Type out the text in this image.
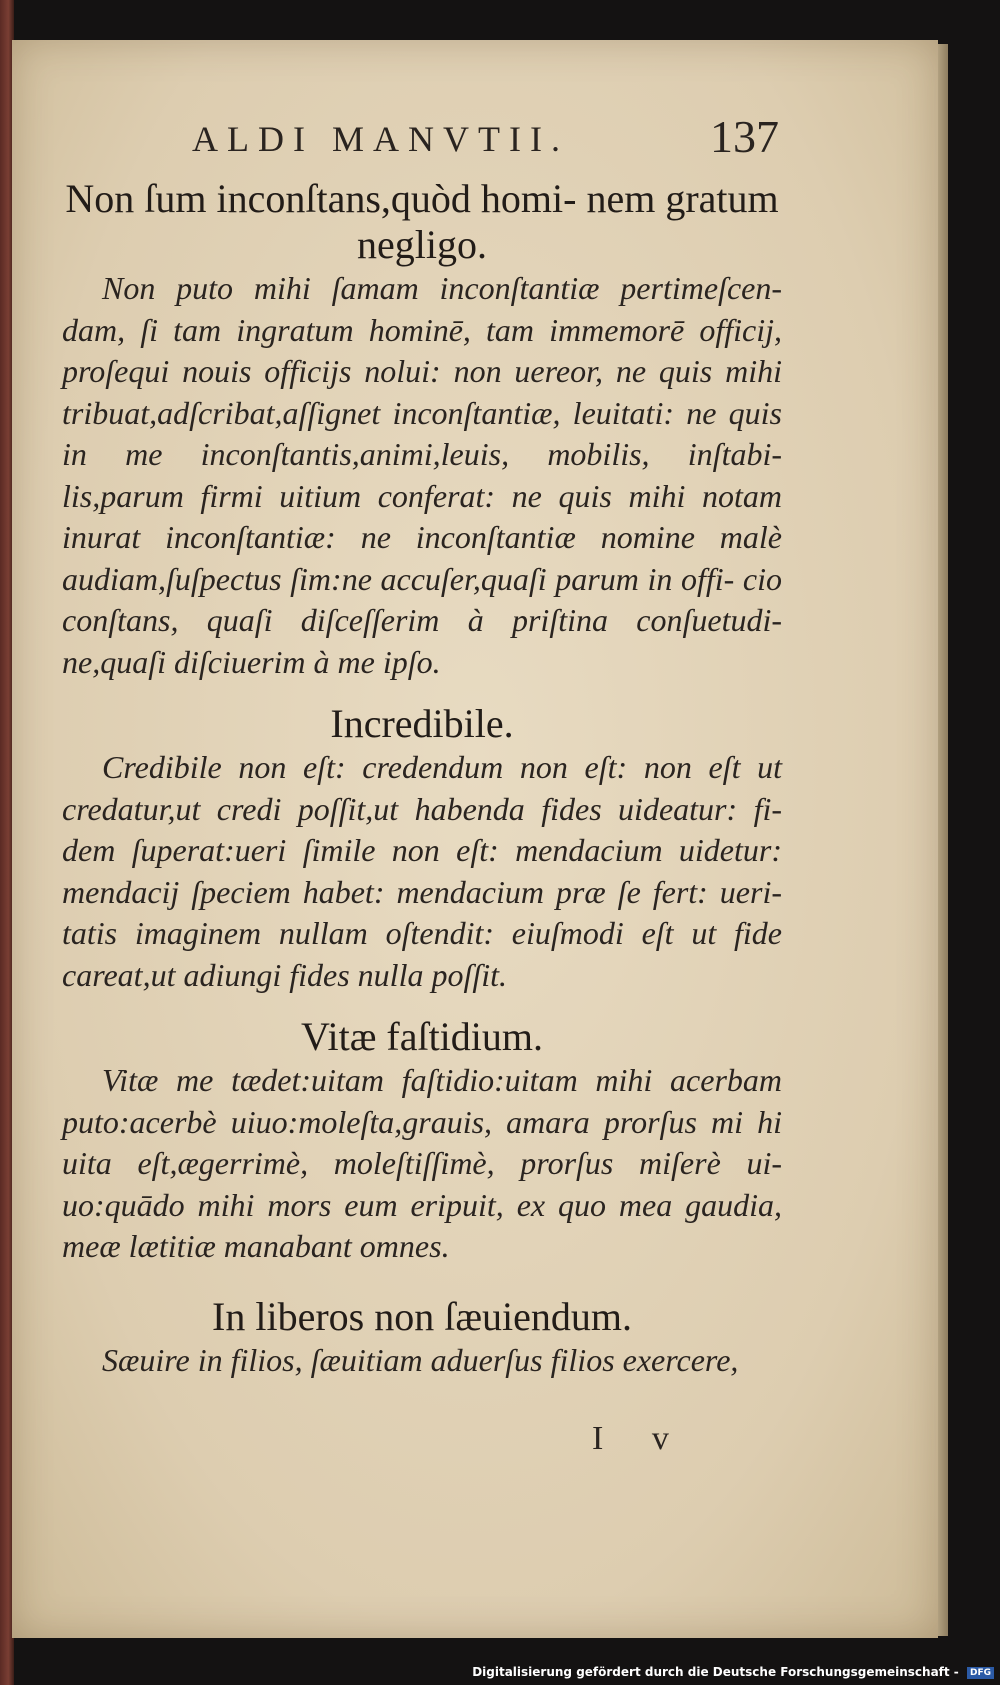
ALDI MANVTII.	137
Non ſum inconſtans,quòd homi- nem gratum negligo.

Non puto mihi ſamam inconſtantiæ pertimeſcen- dam, ſi tam ingratum hominē, tam immemorē officij, proſequi nouis officijs nolui: non uereor, ne quis mihi tribuat,adſcribat,aſſignet inconſtantiæ, leuitati: ne quis in me inconſtantis,animi,leuis, mobilis, inſtabi- lis,parum firmi uitium conferat: ne quis mihi notam inurat inconſtantiæ: ne inconſtantiæ nomine malè audiam,ſuſpectus ſim:ne accuſer,quaſi parum in offi- cio conſtans, quaſi diſceſſerim à priſtina conſuetudi- ne,quaſi diſciuerim à me ipſo.

Incredibile.

Credibile non eſt: credendum non eſt: non eſt ut credatur,ut credi poſſit,ut habenda fides uideatur: fi- dem ſuperat:ueri ſimile non eſt: mendacium uidetur: mendacij ſpeciem habet: mendacium præ ſe fert: ueri- tatis imaginem nullam oſtendit: eiuſmodi eſt ut fide careat,ut adiungi fides nulla poſſit.

Vitæ faſtidium.

Vitæ me tædet:uitam faſtidio:uitam mihi acerbam puto:acerbè uiuo:moleſta,grauis, amara prorſus mi hi uita eſt,ægerrimè, moleſtiſſimè, prorſus miſerè ui- uo:quādo mihi mors eum eripuit, ex quo mea gaudia, meæ lætitiæ manabant omnes.

In liberos non ſæuiendum.

Sæuire in filios, ſæuitiam aduerſus filios exercere,

I v
Digitalisierung gefördert durch die Deutsche Forschungsgemeinschaft - DFG
